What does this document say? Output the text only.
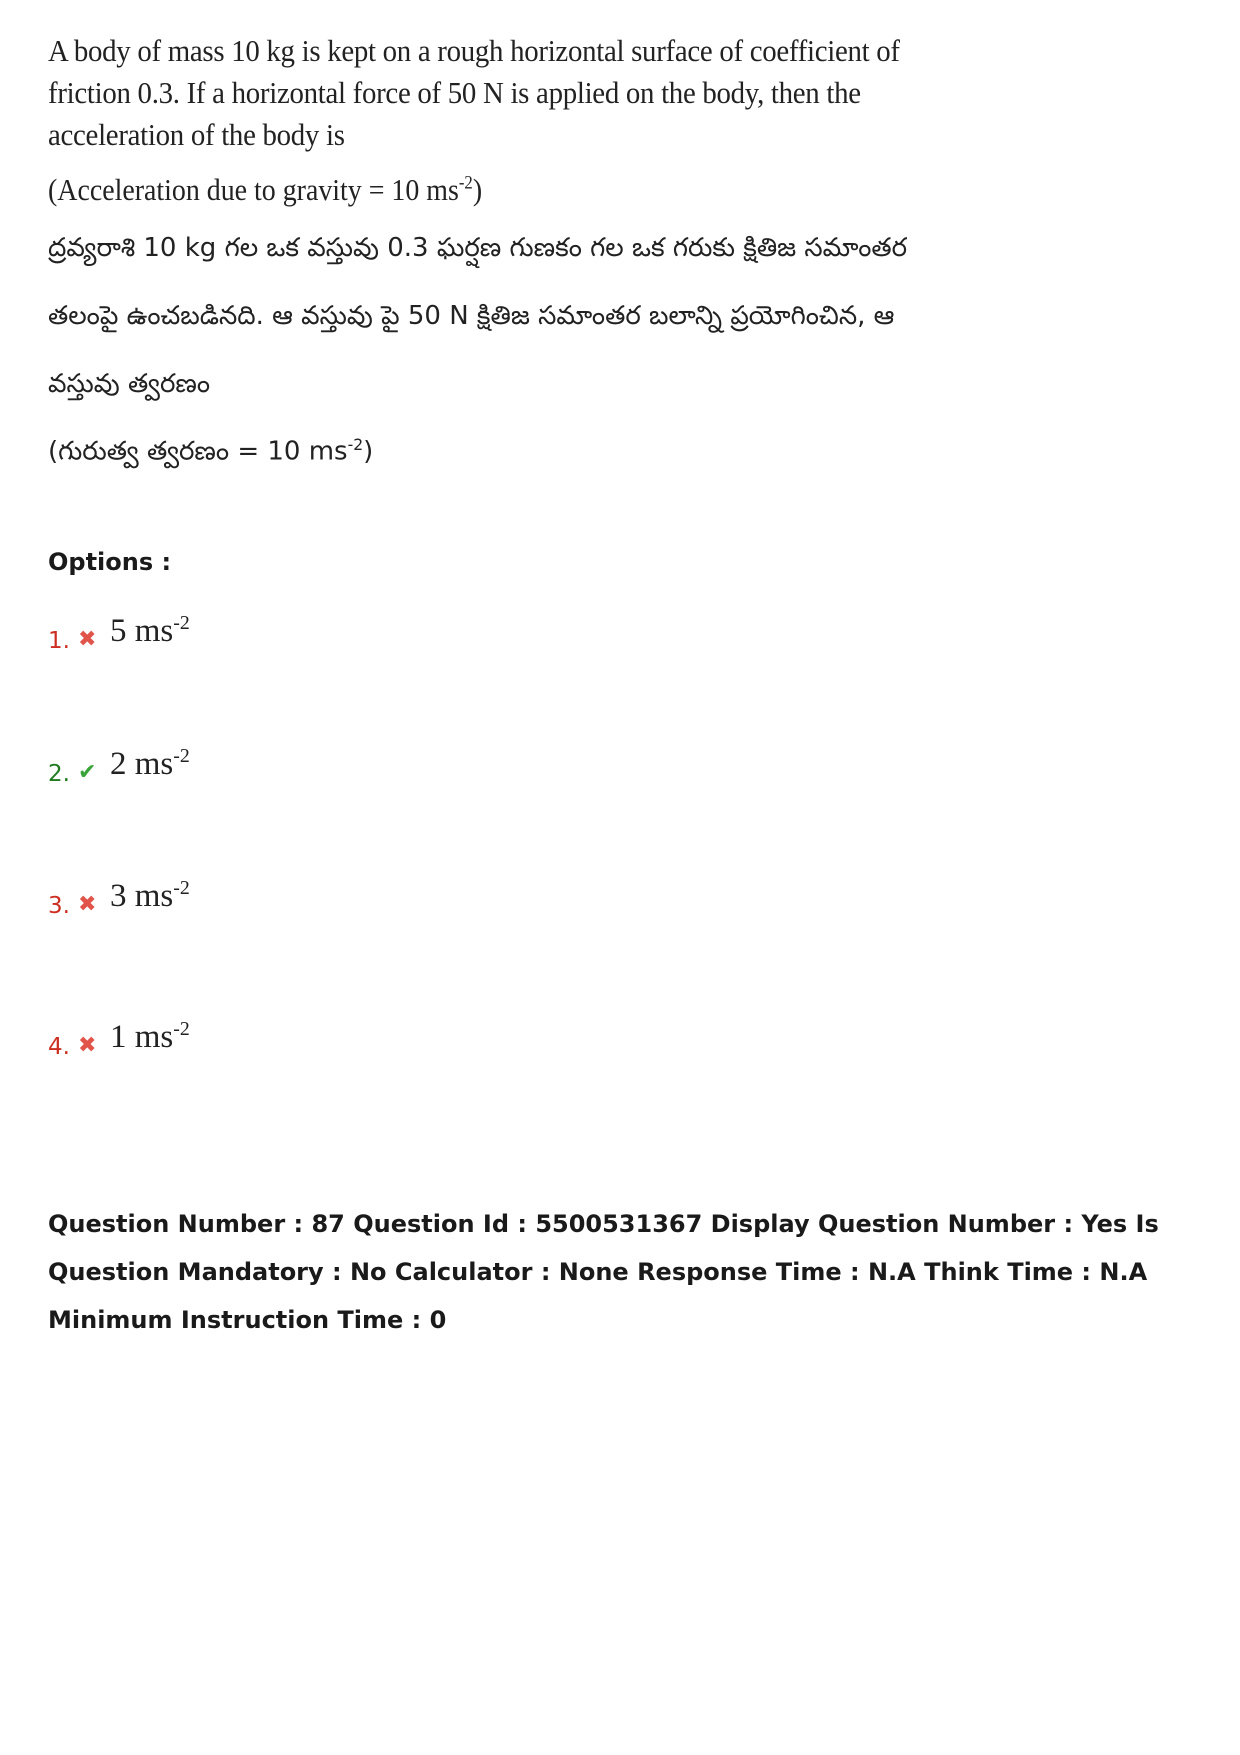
A body of mass 10 kg is kept on a rough horizontal surface of coefficient of friction 0.3. If a horizontal force of 50 N is applied on the body, then the acceleration of the body is

(Acceleration due to gravity = 10 $ms^{-2}$)
ద్రవ్యరాశి 10 kg గల ఒక వస్తువు 0.3 ఘర్షణ గుణకం గల ఒక గరుకు క్షితిజ సమాంతర తలంపై ఉంచబడినది. ఆ వస్తువు పై 50 N క్షితిజ సమాంతర బలాన్ని ప్రయోగించిన, ఆ వస్తువు త్వరణం
(గురుత్వ త్వరణం = 10 $ms^{-2}$)

Options :

1. ✖ 5 $ms^{-2}$
2. ✔ 2 $ms^{-2}$
3. ✖ 3 $ms^{-2}$
4. ✖ 1 $ms^{-2}$

Question Number : 87 Question Id : 5500531367 Display Question Number : Yes Is Question Mandatory : No Calculator : None Response Time : N.A Think Time : N.A Minimum Instruction Time : 0
